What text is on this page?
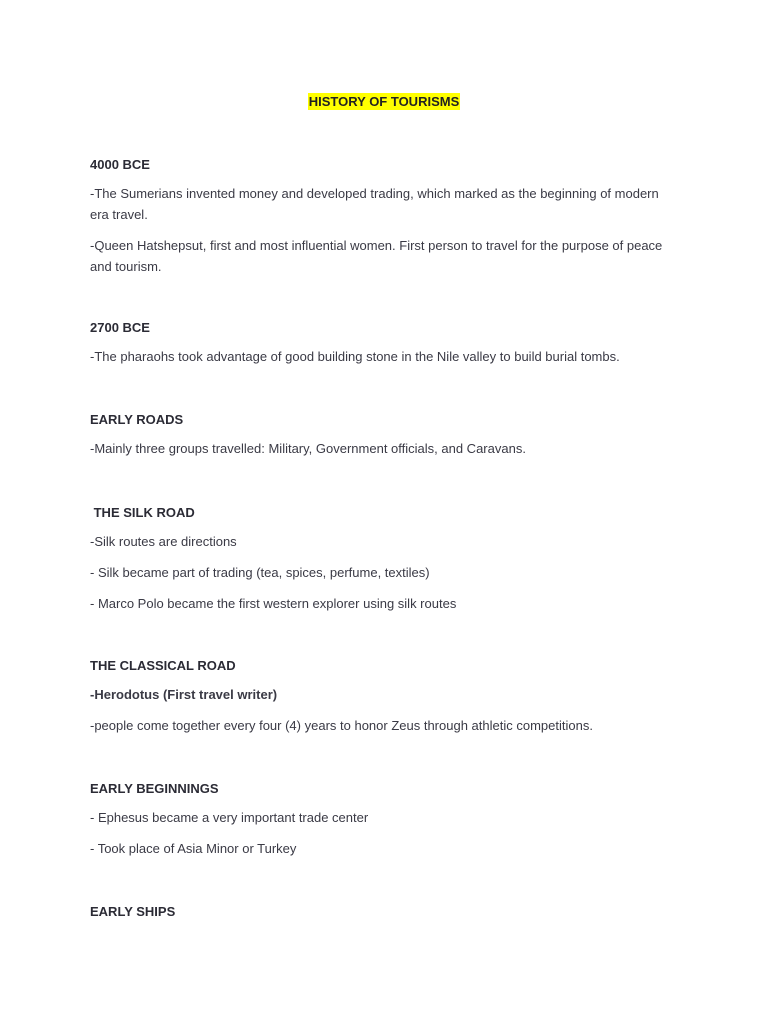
HISTORY OF TOURISMS

4000 BCE

-The Sumerians invented money and developed trading, which marked as the beginning of modern era travel.

-Queen Hatshepsut, first and most influential women. First person to travel for the purpose of peace and tourism.

2700 BCE

-The pharaohs took advantage of good building stone in the Nile valley to build burial tombs.

EARLY ROADS

-Mainly three groups travelled: Military, Government officials, and Caravans.

THE SILK ROAD

-Silk routes are directions

- Silk became part of trading (tea, spices, perfume, textiles)

- Marco Polo became the first western explorer using silk routes

THE CLASSICAL ROAD

-Herodotus (First travel writer)

-people come together every four (4) years to honor Zeus through athletic competitions.

EARLY BEGINNINGS

- Ephesus became a very important trade center

- Took place of Asia Minor or Turkey

EARLY SHIPS
